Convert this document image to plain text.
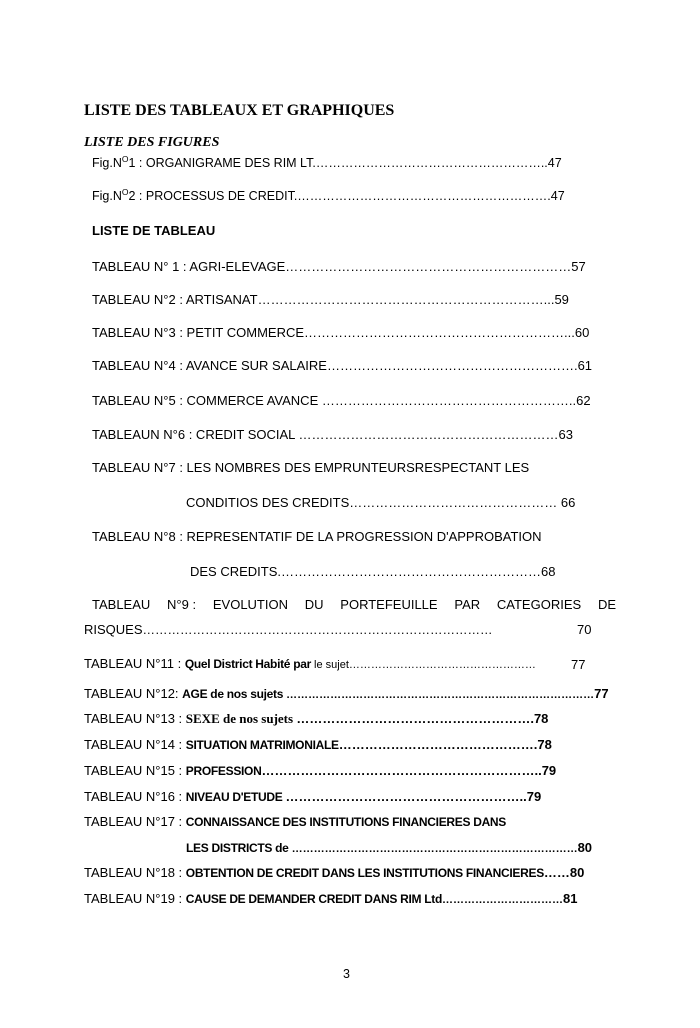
LISTE DES TABLEAUX ET GRAPHIQUES
LISTE DES FIGURES
$Fig.N^O1$ : ORGANIGRAME DES RIM LT.………………………………………………..47
$Fig.N^O2$ : PROCESSUS DE CREDIT.…………………………………………………….47
LISTE DE TABLEAU
TABLEAU N° 1 : AGRI-ELEVAGE…………………………………………………………57
TABLEAU N°2 : ARTISANAT…………………………………………………………...59
TABLEAU N°3 : PETIT COMMERCE……………………………………………………...60
TABLEAU N°4 : AVANCE SUR SALAIRE………………………………………………….61
TABLEAU N°5 : COMMERCE AVANCE …………………………………………………..62
TABLEAUN N°6 : CREDIT SOCIAL ……………………………………………………63
TABLEAU N°7 : LES NOMBRES DES EMPRUNTEURSRESPECTANT LES
CONDITIOS DES CREDITS………………………………………… 66
TABLEAU N°8 : REPRESENTATIF DE LA PROGRESSION D'APPROBATION
DES CREDITS.……………………………………………………68
TABLEAU N°9 : EVOLUTION DU PORTEFEUILLE PAR CATEGORIES DE
RISQUES…………………………………………………………………………	70
TABLEAU N°11 : Quel District Habité par le sujet……………………………………………	77
TABLEAU N°12: AGE de nos sujets …………………………………………………………………………77
TABLEAU N°13 : SEXE de nos sujets ……………………………………………….78
TABLEAU N°14 : SITUATION MATRIMONIALE……………………………………….78
TABLEAU N°15 : PROFESSION………………………………………………………..79
TABLEAU N°16 : NIVEAU D'ETUDE ………………………………………………..79
TABLEAU N°17 : CONNAISSANCE DES INSTITUTIONS FINANCIERES DANS
LES DISTRICTS de ……………………………………………………………………80
TABLEAU N°18 : OBTENTION DE CREDIT DANS LES INSTITUTIONS FINANCIERES……80
TABLEAU N°19 : CAUSE DE DEMANDER CREDIT DANS RIM Ltd……………………………81
3
